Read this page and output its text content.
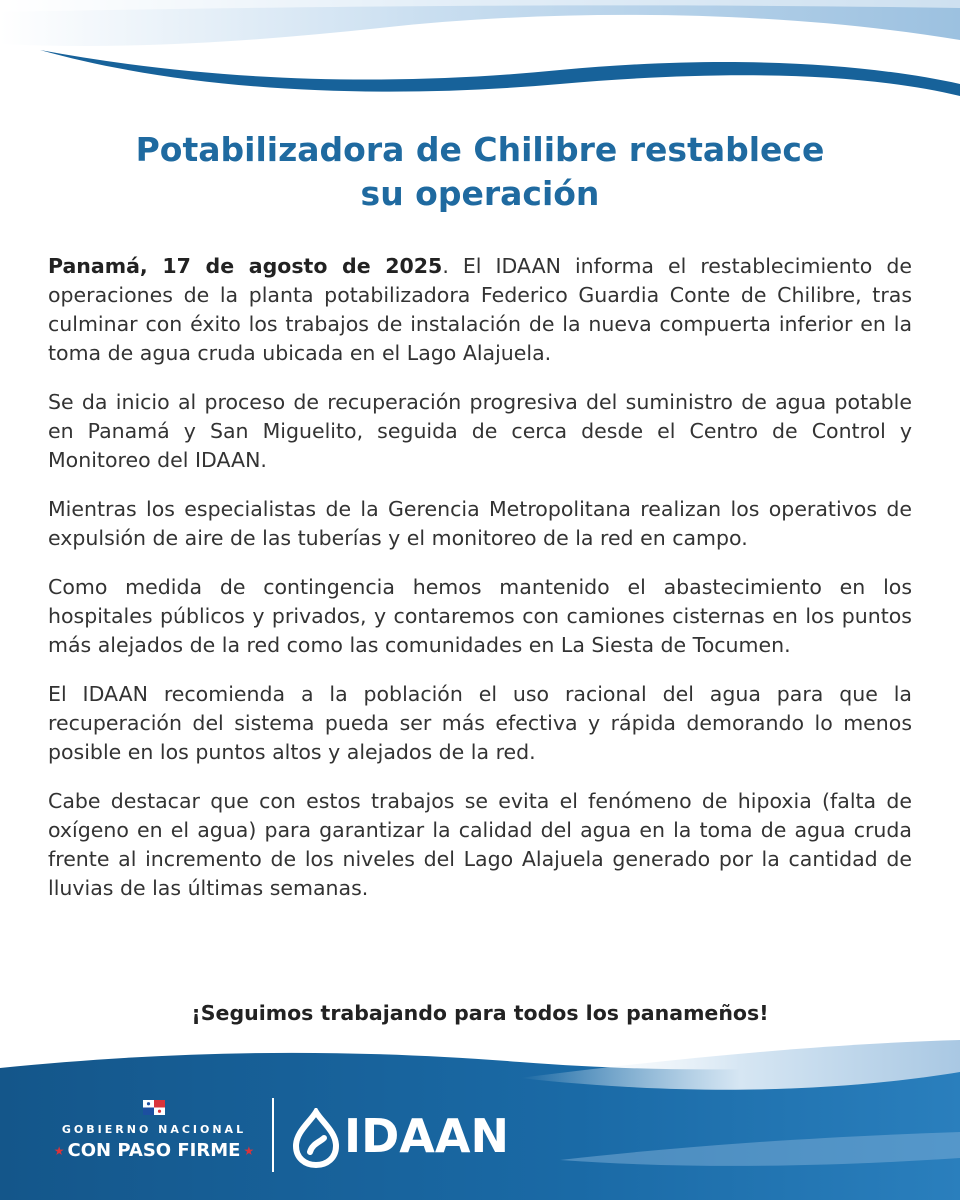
Potabilizadora de Chilibre restablece
su operación

Panamá, 17 de agosto de 2025. El IDAAN informa el restablecimiento de operaciones de la planta potabilizadora Federico Guardia Conte de Chilibre, tras culminar con éxito los trabajos de instalación de la nueva compuerta inferior en la toma de agua cruda ubicada en el Lago Alajuela.

Se da inicio al proceso de recuperación progresiva del suministro de agua potable en Panamá y San Miguelito, seguida de cerca desde el Centro de Control y Monitoreo del IDAAN.

Mientras los especialistas de la Gerencia Metropolitana realizan los operativos de expulsión de aire de las tuberías y el monitoreo de la red en campo.

Como medida de contingencia hemos mantenido el abastecimiento en los hospitales públicos y privados, y contaremos con camiones cisternas en los puntos más alejados de la red como las comunidades en La Siesta de Tocumen.

El IDAAN recomienda a la población el uso racional del agua para que la recuperación del sistema pueda ser más efectiva y rápida demorando lo menos posible en los puntos altos y alejados de la red.

Cabe destacar que con estos trabajos se evita el fenómeno de hipoxia (falta de oxígeno en el agua) para garantizar la calidad del agua en la toma de agua cruda frente al incremento de los niveles del Lago Alajuela generado por la cantidad de lluvias de las últimas semanas.

¡Seguimos trabajando para todos los panameños!
GOBIERNO NACIONAL
★ CON PASO FIRME ★ IDAAN
